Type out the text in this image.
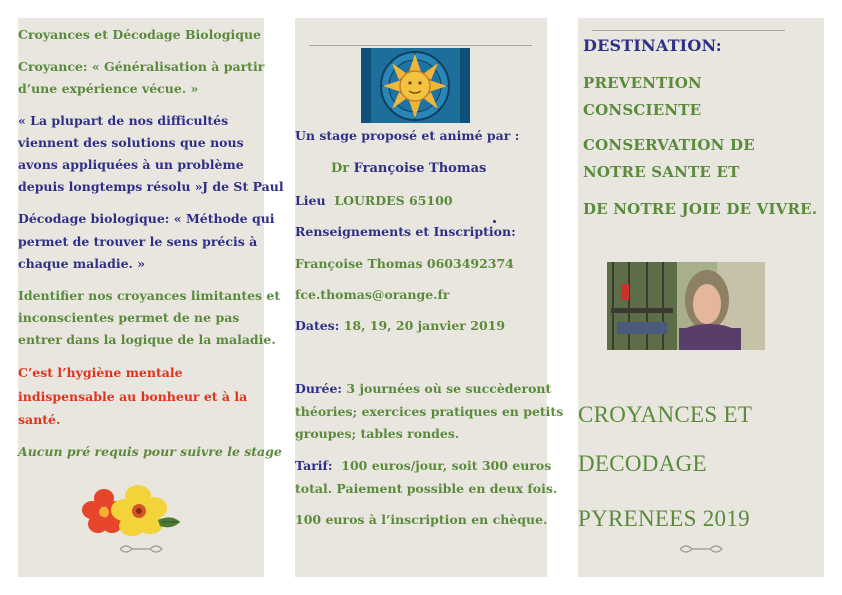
Croyances et Décodage Biologique

Croyance: « Généralisation à partir

d’une expérience vécue. »

« La plupart de nos difficultés

viennent des solutions que nous

avons appliquées à un problème

depuis longtemps résolu »J de St Paul

Décodage biologique: « Méthode qui

permet de trouver le sens précis à

chaque maladie. »

Identifier nos croyances limitantes et

inconscientes permet de ne pas

entrer dans la logique de la maladie.

C’est l’hygiène mentale

indispensable au bonheur et à la

santé.

Aucun pré requis pour suivre le stage

Un stage proposé et animé par :

Dr Françoise Thomas

Lieu LOURDES 65100

Renseignements et Inscription:

Françoise Thomas 0603492374

fce.thomas@orange.fr

Dates: 18, 19, 20 janvier 2019

Durée: 3 journées où se succèderont

théories; exercices pratiques en petits

groupes; tables rondes.

Tarif: 100 euros/jour, soit 300 euros

total. Paiement possible en deux fois.

100 euros à l’inscription en chèque.

DESTINATION:

PREVENTION

CONSCIENTE

CONSERVATION DE

NOTRE SANTE ET

DE NOTRE JOIE DE VIVRE.

CROYANCES ET

DECODAGE

PYRENEES 2019
